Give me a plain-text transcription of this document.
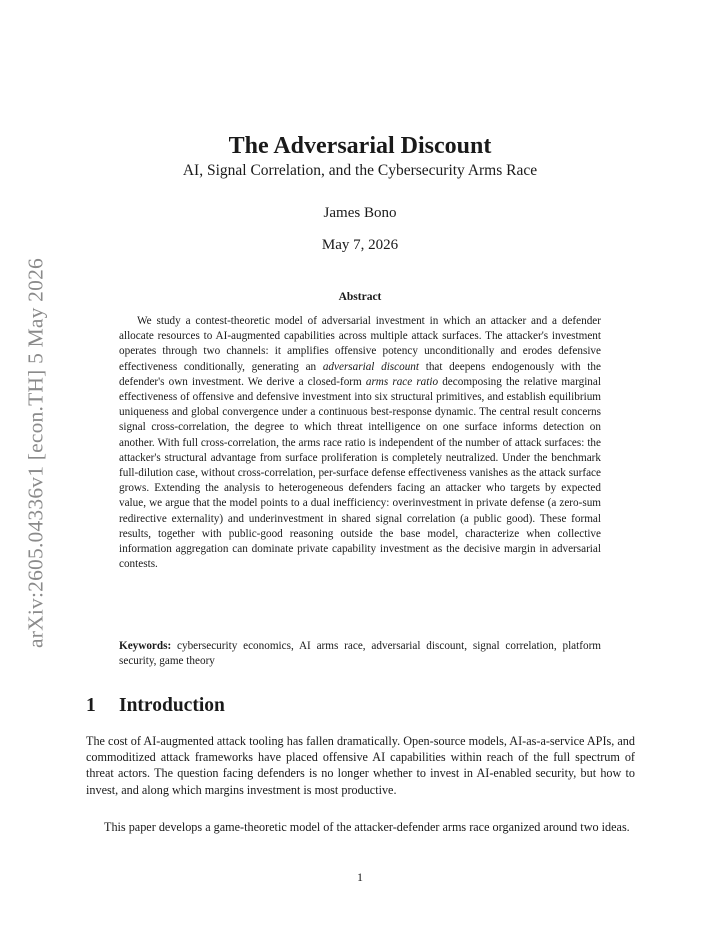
arXiv:2605.04336v1 [econ.TH] 5 May 2026
The Adversarial Discount
AI, Signal Correlation, and the Cybersecurity Arms Race
James Bono
May 7, 2026
Abstract

We study a contest-theoretic model of adversarial investment in which an attacker and a defender allocate resources to AI-augmented capabilities across multiple attack surfaces. The attacker's investment operates through two channels: it amplifies offensive potency unconditionally and erodes defensive effectiveness conditionally, generating an adversarial discount that deepens endogenously with the defender's own investment. We derive a closed-form arms race ratio decomposing the relative marginal effectiveness of offensive and defensive investment into six structural primitives, and establish equilibrium uniqueness and global convergence under a continuous best-response dynamic. The central result concerns signal cross-correlation, the degree to which threat intelligence on one surface informs detection on another. With full cross-correlation, the arms race ratio is independent of the number of attack surfaces: the attacker's structural advantage from surface proliferation is completely neutralized. Under the benchmark full-dilution case, without cross-correlation, per-surface defense effectiveness vanishes as the attack surface grows. Extending the analysis to heterogeneous defenders facing an attacker who targets by expected value, we argue that the model points to a dual inefficiency: overinvestment in private defense (a zero-sum redirective externality) and underinvestment in shared signal correlation (a public good). These formal results, together with public-good reasoning outside the base model, characterize when collective information aggregation can dominate private capability investment as the decisive margin in adversarial contests.

Keywords: cybersecurity economics, AI arms race, adversarial discount, signal correlation, platform security, game theory

1 Introduction

The cost of AI-augmented attack tooling has fallen dramatically. Open-source models, AI-as-a-service APIs, and commoditized attack frameworks have placed offensive AI capabilities within reach of the full spectrum of threat actors. The question facing defenders is no longer whether to invest in AI-enabled security, but how to invest, and along which margins investment is most productive.

This paper develops a game-theoretic model of the attacker-defender arms race organized around two ideas.

1
